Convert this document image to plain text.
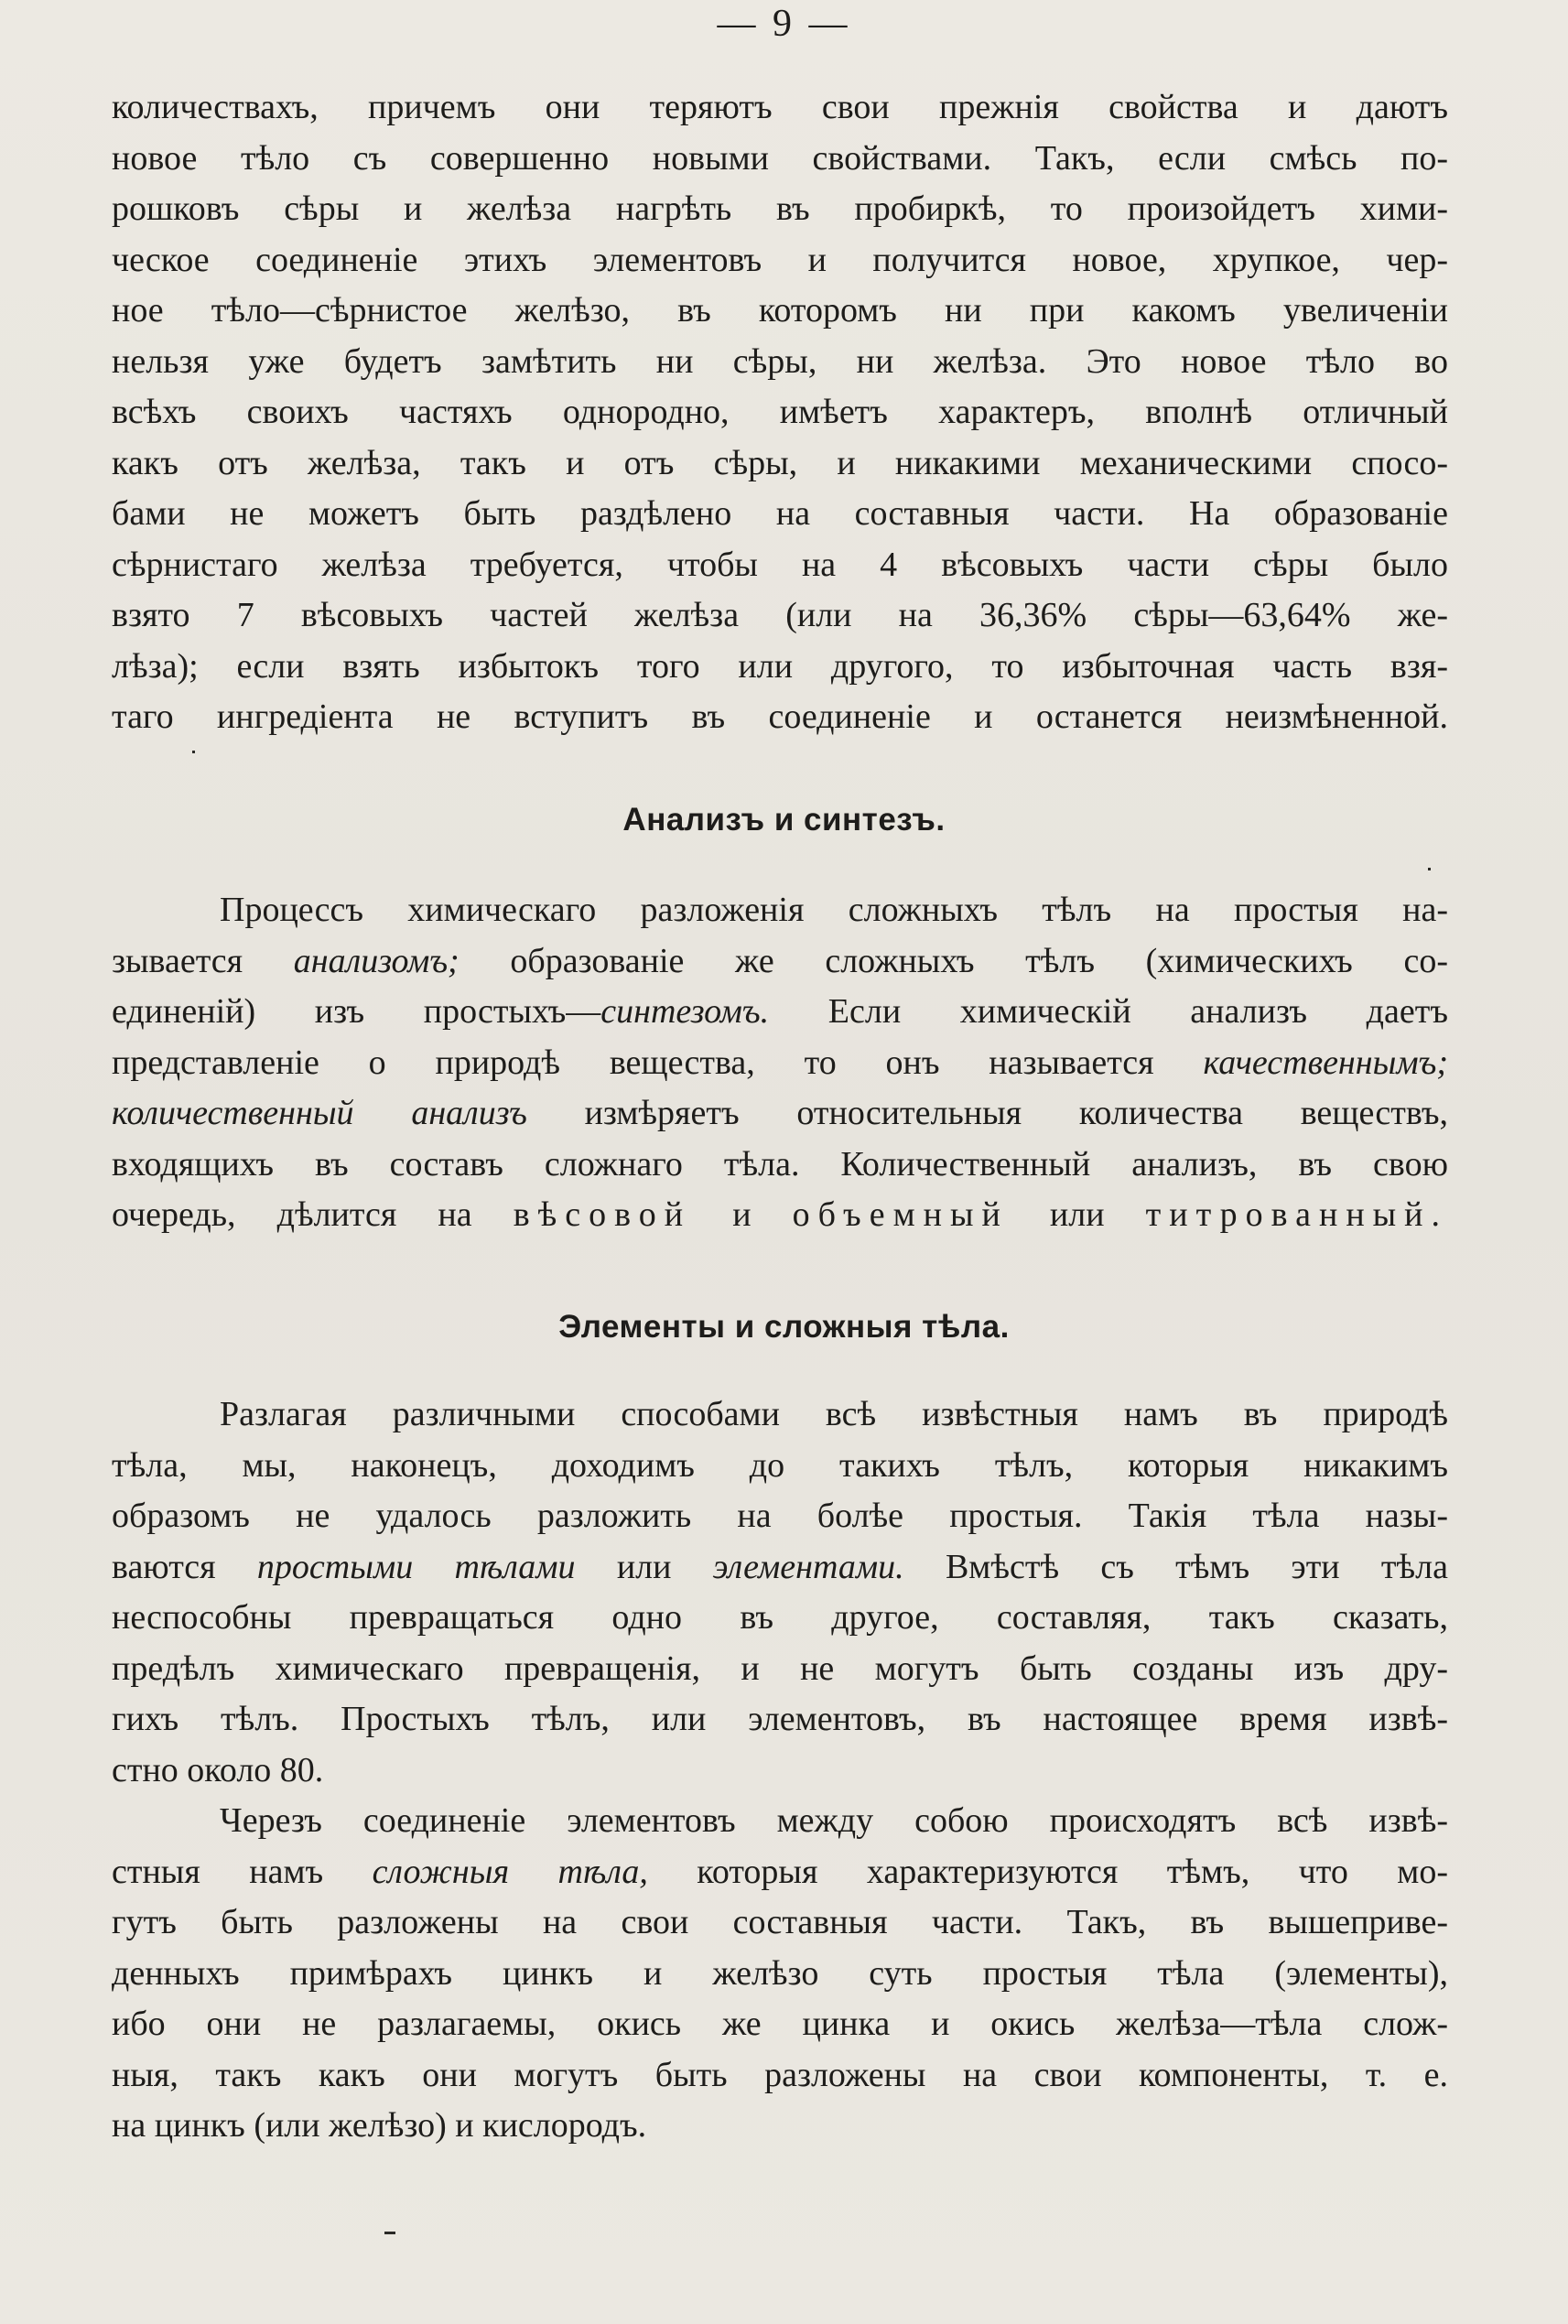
— 9 —
количествахъ, причемъ они теряютъ свои прежнія свойства и даютъ
новое тѣло съ совершенно новыми свойствами. Такъ, если смѣсь по-
рошковъ сѣры и желѣза нагрѣть въ пробиркѣ, то произойдетъ хими-
ческое соединеніе этихъ элементовъ и получится новое, хрупкое, чер-
ное тѣло—сѣрнистое желѣзо, въ которомъ ни при какомъ увеличеніи
нельзя уже будетъ замѣтить ни сѣры, ни желѣза. Это новое тѣло во
всѣхъ своихъ частяхъ однородно, имѣетъ характеръ, вполнѣ отличный
какъ отъ желѣза, такъ и отъ сѣры, и никакими механическими спосо-
бами не можетъ быть раздѣлено на составныя части. На образованіе
сѣрнистаго желѣза требуется, чтобы на 4 вѣсовыхъ части сѣры было
взято 7 вѣсовыхъ частей желѣза (или на 36,36% сѣры—63,64% же-
лѣза); если взять избытокъ того или другого, то избыточная часть взя-
таго ингредіента не вступитъ въ соединеніе и останется неизмѣненной.
Анализъ и синтезъ.
Процессъ химическаго разложенія сложныхъ тѣлъ на простыя на-
зывается анализомъ; образованіе же сложныхъ тѣлъ (химическихъ со-
единеній) изъ простыхъ—синтезомъ. Если химическій анализъ даетъ
представленіе о природѣ вещества, то онъ называется качественнымъ;
количественный анализъ измѣряетъ относительныя количества веществъ,
входящихъ въ составъ сложнаго тѣла. Количественный анализъ, въ свою
очередь, дѣлится на вѣсовой и объемный или титрованный.
Элементы и сложныя тѣла.
Разлагая различными способами всѣ извѣстныя намъ въ природѣ
тѣла, мы, наконецъ, доходимъ до такихъ тѣлъ, которыя никакимъ
образомъ не удалось разложить на болѣе простыя. Такія тѣла назы-
ваются простыми тѣлами или элементами. Вмѣстѣ съ тѣмъ эти тѣла
неспособны превращаться одно въ другое, составляя, такъ сказать,
предѣлъ химическаго превращенія, и не могутъ быть созданы изъ дру-
гихъ тѣлъ. Простыхъ тѣлъ, или элементовъ, въ настоящее время извѣ-
стно около 80.
Черезъ соединеніе элементовъ между собою происходятъ всѣ извѣ-
стныя намъ сложныя тѣла, которыя характеризуются тѣмъ, что мо-
гутъ быть разложены на свои составныя части. Такъ, въ вышеприве-
денныхъ примѣрахъ цинкъ и желѣзо суть простыя тѣла (элементы),
ибо они не разлагаемы, окись же цинка и окись желѣза—тѣла слож-
ныя, такъ какъ они могутъ быть разложены на свои компоненты, т. е.
на цинкъ (или желѣзо) и кислородъ.
